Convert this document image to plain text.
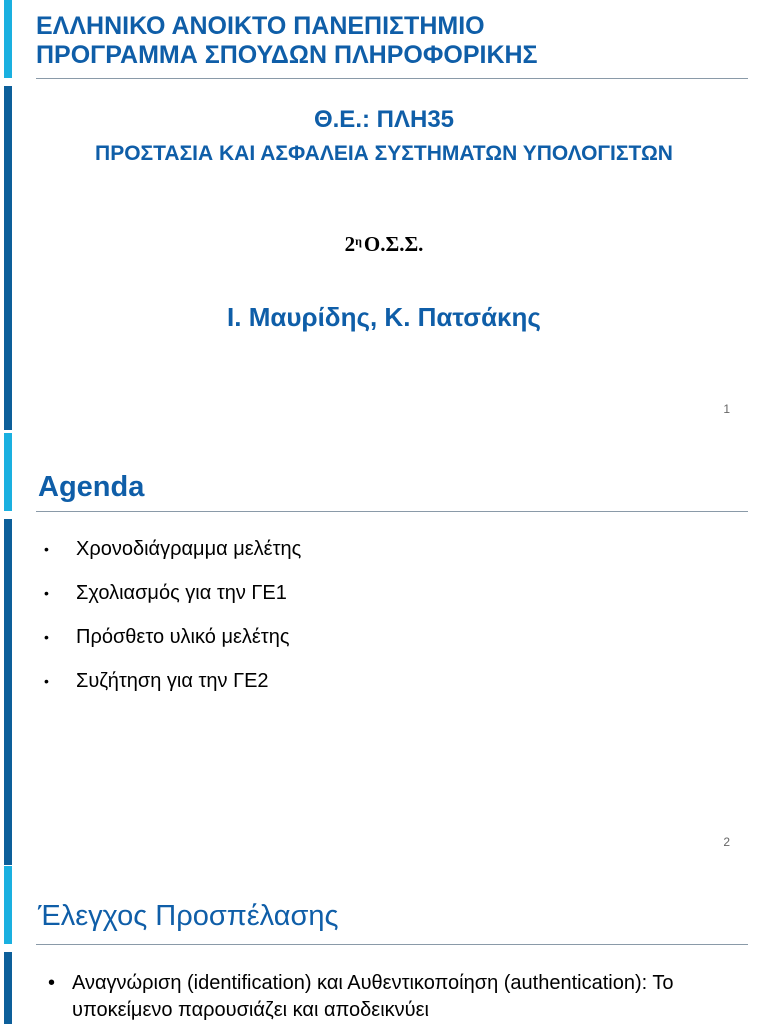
ΕΛΛΗΝΙΚΟ ΑΝΟΙΚΤΟ ΠΑΝΕΠΙΣΤΗΜΙΟ
ΠΡΟΓΡΑΜΜΑ ΣΠΟΥΔΩΝ ΠΛΗΡΟΦΟΡΙΚΗΣ
Θ.Ε.: ΠΛΗ35
ΠΡΟΣΤΑΣΙΑ ΚΑΙ ΑΣΦΑΛΕΙΑ ΣΥΣΤΗΜΑΤΩΝ ΥΠΟΛΟΓΙΣΤΩΝ
$2^\eta O.\Sigma.\Sigma$.
Ι. Μαυρίδης, Κ. Πατσάκης
1
Agenda
• Χρονοδιάγραμμα μελέτης
• Σχολιασμός για την ΓΕ1
• Πρόσθετο υλικό μελέτης
• Συζήτηση για την ΓΕ2
2
Έλεγχος Προσπέλασης
• Αναγνώριση (identification) και Αυθεντικοποίηση (authentication): Το υποκείμενο παρουσιάζει και αποδεικνύει
